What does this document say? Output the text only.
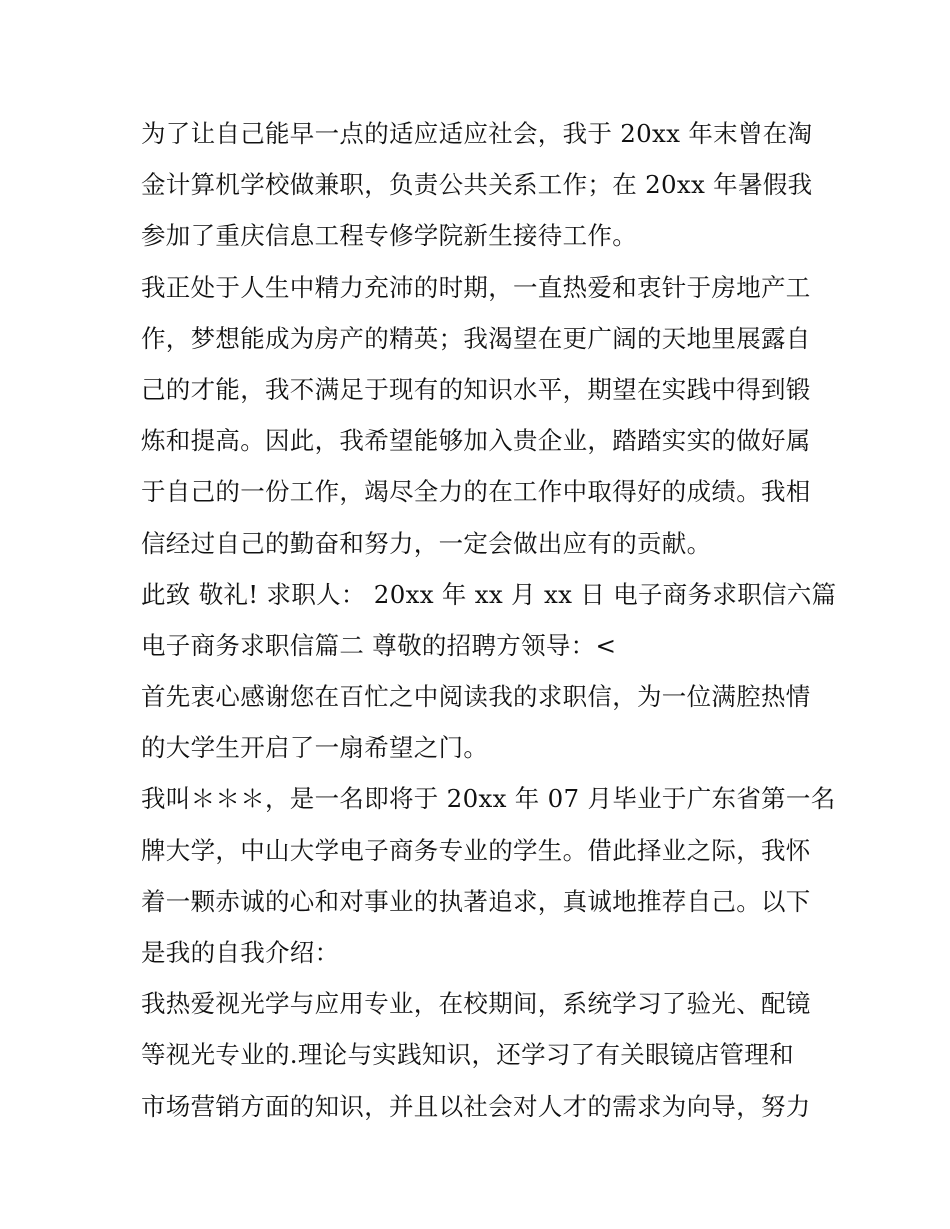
为了让自己能早一点的适应适应社会，我于 20xx 年末曾在淘
金计算机学校做兼职，负责公共关系工作；在 20xx 年暑假我
参加了重庆信息工程专修学院新生接待工作。
我正处于人生中精力充沛的时期，一直热爱和衷针于房地产工
作，梦想能成为房产的精英；我渴望在更广阔的天地里展露自
己的才能，我不满足于现有的知识水平，期望在实践中得到锻
炼和提高。因此，我希望能够加入贵企业，踏踏实实的做好属
于自己的一份工作，竭尽全力的在工作中取得好的成绩。我相
信经过自己的勤奋和努力，一定会做出应有的贡献。
此致 敬礼! 求职人： 20xx 年 xx 月 xx 日 电子商务求职信六篇
电子商务求职信篇二 尊敬的招聘方领导：<
首先衷心感谢您在百忙之中阅读我的求职信，为一位满腔热情
的大学生开启了一扇希望之门。
我叫＊＊＊，是一名即将于 20xx 年 07 月毕业于广东省第一名
牌大学，中山大学电子商务专业的学生。借此择业之际，我怀
着一颗赤诚的心和对事业的执著追求，真诚地推荐自己。以下
是我的自我介绍：
我热爱视光学与应用专业，在校期间，系统学习了验光、配镜
等视光专业的.理论与实践知识，还学习了有关眼镜店管理和
市场营销方面的知识，并且以社会对人才的需求为向导，努力
